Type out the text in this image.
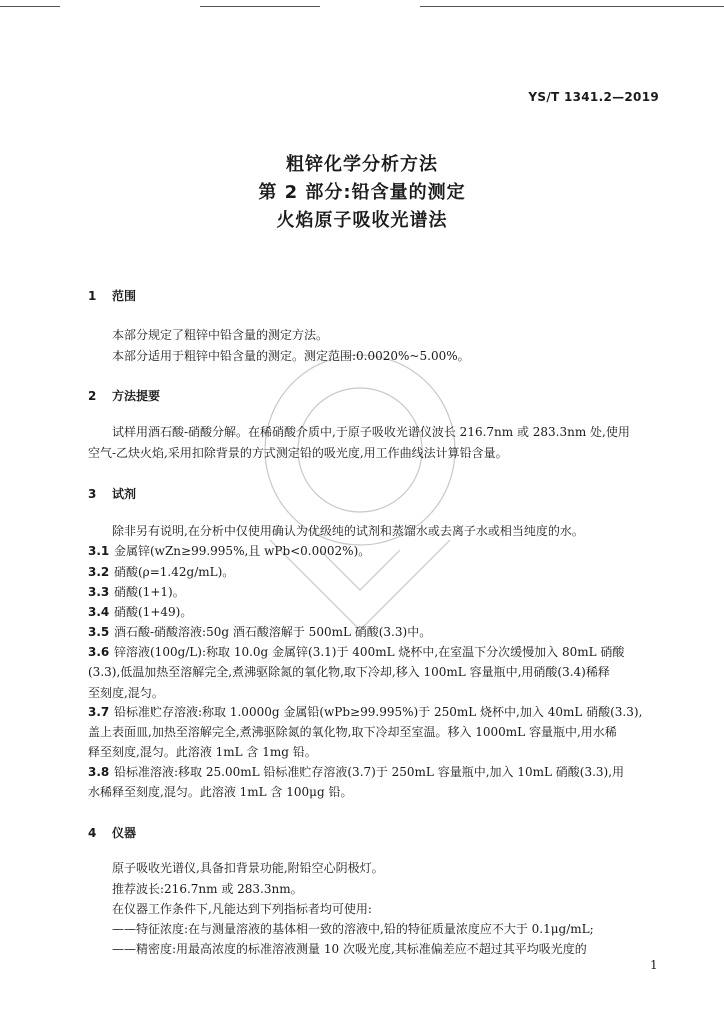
YS/T 1341.2—2019
粗锌化学分析方法
第 2 部分:铅含量的测定
火焰原子吸收光谱法
1 范围
本部分规定了粗锌中铅含量的测定方法。
本部分适用于粗锌中铅含量的测定。测定范围:0.0020%~5.00%。
2 方法提要
试样用酒石酸-硝酸分解。在稀硝酸介质中,于原子吸收光谱仪波长 216.7nm 或 283.3nm 处,使用
空气-乙炔火焰,采用扣除背景的方式测定铅的吸光度,用工作曲线法计算铅含量。
3 试剂
除非另有说明,在分析中仅使用确认为优级纯的试剂和蒸馏水或去离子水或相当纯度的水。
3.1 金属锌(wZn≥99.995%,且 wPb<0.0002%)。
3.2 硝酸(ρ=1.42g/mL)。
3.3 硝酸(1+1)。
3.4 硝酸(1+49)。
3.5 酒石酸-硝酸溶液:50g 酒石酸溶解于 500mL 硝酸(3.3)中。
3.6 锌溶液(100g/L):称取 10.0g 金属锌(3.1)于 400mL 烧杯中,在室温下分次缓慢加入 80mL 硝酸
(3.3),低温加热至溶解完全,煮沸驱除氮的氧化物,取下冷却,移入 100mL 容量瓶中,用硝酸(3.4)稀释
至刻度,混匀。
3.7 铅标准贮存溶液:称取 1.0000g 金属铅(wPb≥99.995%)于 250mL 烧杯中,加入 40mL 硝酸(3.3),
盖上表面皿,加热至溶解完全,煮沸驱除氮的氧化物,取下冷却至室温。移入 1000mL 容量瓶中,用水稀
释至刻度,混匀。此溶液 1mL 含 1mg 铅。
3.8 铅标准溶液:移取 25.00mL 铅标准贮存溶液(3.7)于 250mL 容量瓶中,加入 10mL 硝酸(3.3),用
水稀释至刻度,混匀。此溶液 1mL 含 100μg 铅。
4 仪器
原子吸收光谱仪,具备扣背景功能,附铅空心阴极灯。
推荐波长:216.7nm 或 283.3nm。
在仪器工作条件下,凡能达到下列指标者均可使用:
——特征浓度:在与测量溶液的基体相一致的溶液中,铅的特征质量浓度应不大于 0.1μg/mL;
——精密度:用最高浓度的标准溶液测量 10 次吸光度,其标准偏差应不超过其平均吸光度的
1
